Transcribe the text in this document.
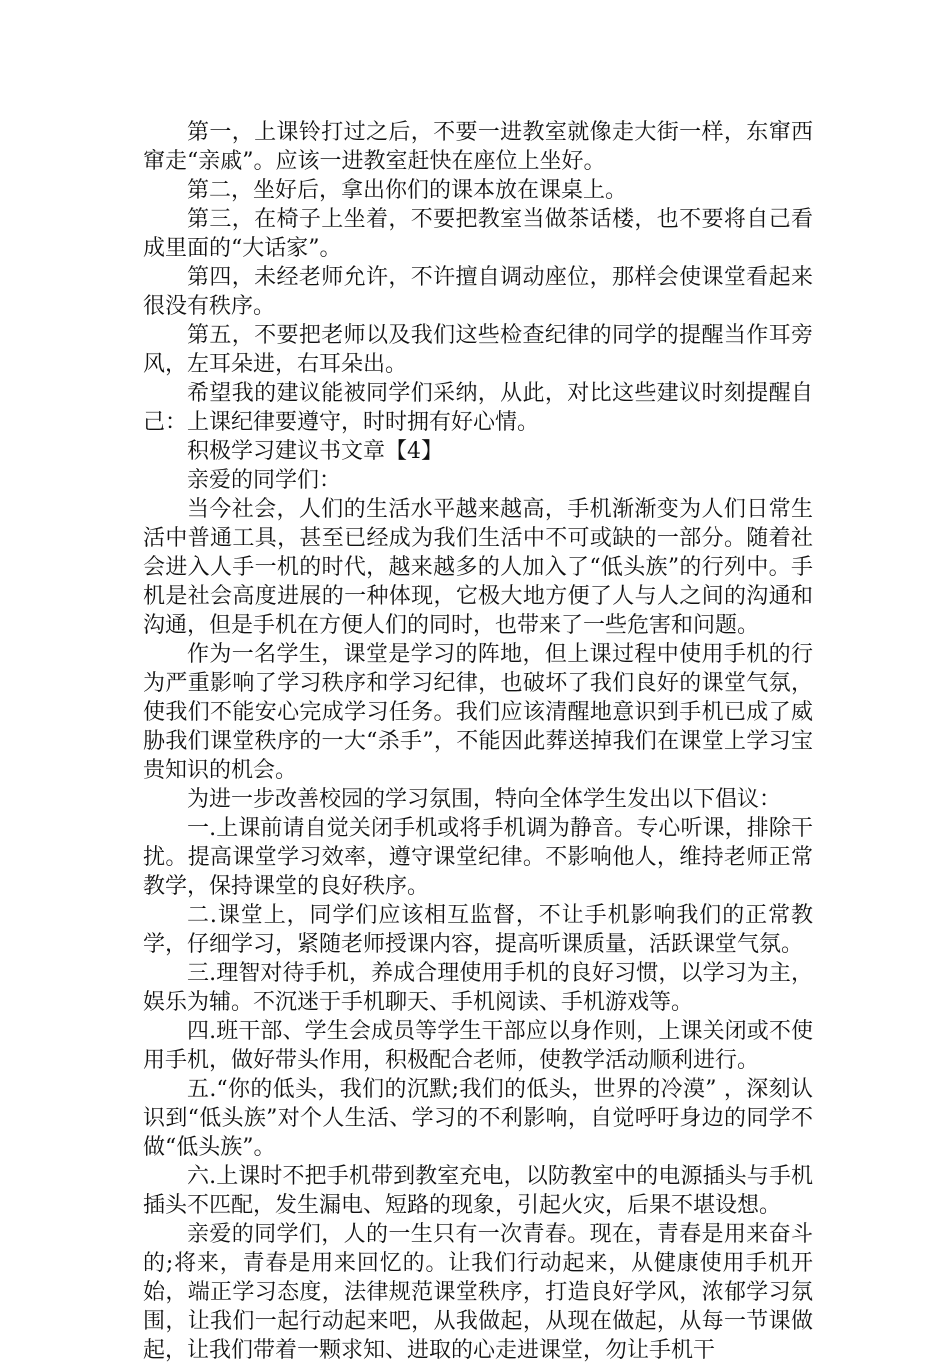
第一，上课铃打过之后，不要一进教室就像走大街一样，东窜西窜走“亲戚”。应该一进教室赶快在座位上坐好。

第二，坐好后，拿出你们的课本放在课桌上。

第三，在椅子上坐着，不要把教室当做茶话楼，也不要将自己看成里面的“大话家”。

第四，未经老师允许，不许擅自调动座位，那样会使课堂看起来很没有秩序。

第五，不要把老师以及我们这些检查纪律的同学的提醒当作耳旁风，左耳朵进，右耳朵出。

希望我的建议能被同学们采纳，从此，对比这些建议时刻提醒自己：上课纪律要遵守，时时拥有好心情。

积极学习建议书文章【4】

亲爱的同学们：

当今社会，人们的生活水平越来越高，手机渐渐变为人们日常生活中普通工具，甚至已经成为我们生活中不可或缺的一部分。随着社会进入人手一机的时代，越来越多的人加入了“低头族”的行列中。手机是社会高度进展的一种体现，它极大地方便了人与人之间的沟通和沟通，但是手机在方便人们的同时，也带来了一些危害和问题。

作为一名学生，课堂是学习的阵地，但上课过程中使用手机的行为严重影响了学习秩序和学习纪律，也破坏了我们良好的课堂气氛，使我们不能安心完成学习任务。我们应该清醒地意识到手机已成了威胁我们课堂秩序的一大“杀手”，不能因此葬送掉我们在课堂上学习宝贵知识的机会。

为进一步改善校园的学习氛围，特向全体学生发出以下倡议：

一.上课前请自觉关闭手机或将手机调为静音。专心听课，排除干扰。提高课堂学习效率，遵守课堂纪律。不影响他人，维持老师正常教学，保持课堂的良好秩序。

二.课堂上，同学们应该相互监督，不让手机影响我们的正常教学，仔细学习，紧随老师授课内容，提高听课质量，活跃课堂气氛。

三.理智对待手机，养成合理使用手机的良好习惯，以学习为主，娱乐为辅。不沉迷于手机聊天、手机阅读、手机游戏等。

四.班干部、学生会成员等学生干部应以身作则，上课关闭或不使用手机，做好带头作用，积极配合老师，使教学活动顺利进行。

五.“你的低头，我们的沉默;我们的低头，世界的冷漠” ，深刻认识到“低头族”对个人生活、学习的不利影响，自觉呼吁身边的同学不做“低头族”。

六.上课时不把手机带到教室充电，以防教室中的电源插头与手机插头不匹配，发生漏电、短路的现象，引起火灾，后果不堪设想。

亲爱的同学们，人的一生只有一次青春。现在，青春是用来奋斗的;将来，青春是用来回忆的。让我们行动起来，从健康使用手机开始，端正学习态度，法律规范课堂秩序，打造良好学风，浓郁学习氛围，让我们一起行动起来吧，从我做起，从现在做起，从每一节课做起，让我们带着一颗求知、进取的心走进课堂，勿让手机干
